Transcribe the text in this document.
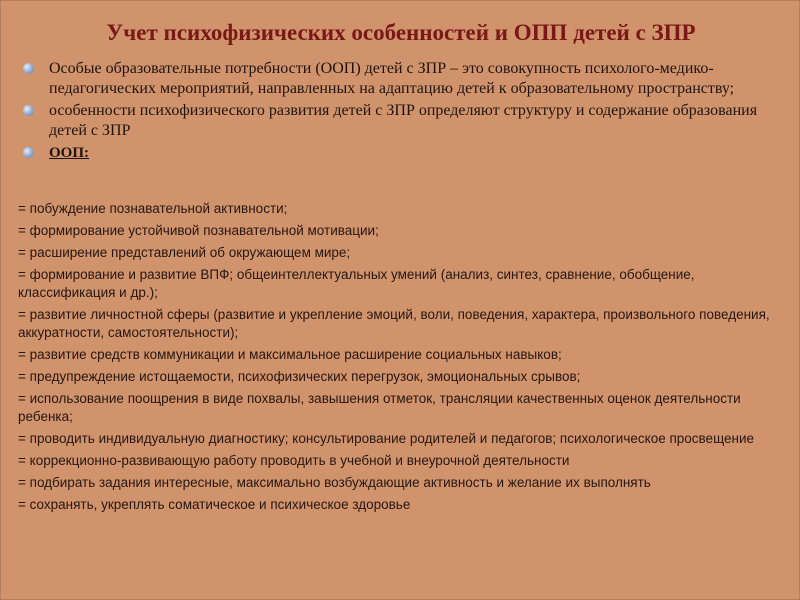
Учет психофизических особенностей и ОПП детей с ЗПР
Особые образовательные потребности (ООП) детей с ЗПР – это совокупность психолого-медико-педагогических мероприятий, направленных на адаптацию детей к образовательному пространству;
особенности психофизического развития детей с ЗПР определяют структуру и содержание образования детей с ЗПР
ООП:
= побуждение познавательной активности;
= формирование устойчивой познавательной мотивации;
= расширение представлений об окружающем мире;
= формирование и развитие ВПФ; общеинтеллектуальных умений (анализ, синтез, сравнение, обобщение, классификация и др.);
= развитие личностной сферы (развитие и укрепление эмоций, воли, поведения, характера, произвольного поведения, аккуратности, самостоятельности);
= развитие средств коммуникации и максимальное расширение социальных навыков;
= предупреждение истощаемости, психофизических перегрузок, эмоциональных срывов;
= использование поощрения в виде похвалы, завышения отметок, трансляции качественных оценок деятельности ребенка;
= проводить индивидуальную диагностику; консультирование родителей и педагогов; психологическое просвещение
= коррекционно-развивающую работу проводить в учебной и внеурочной деятельности
= подбирать задания интересные, максимально возбуждающие активность и желание их выполнять
= сохранять, укреплять соматическое и психическое здоровье
